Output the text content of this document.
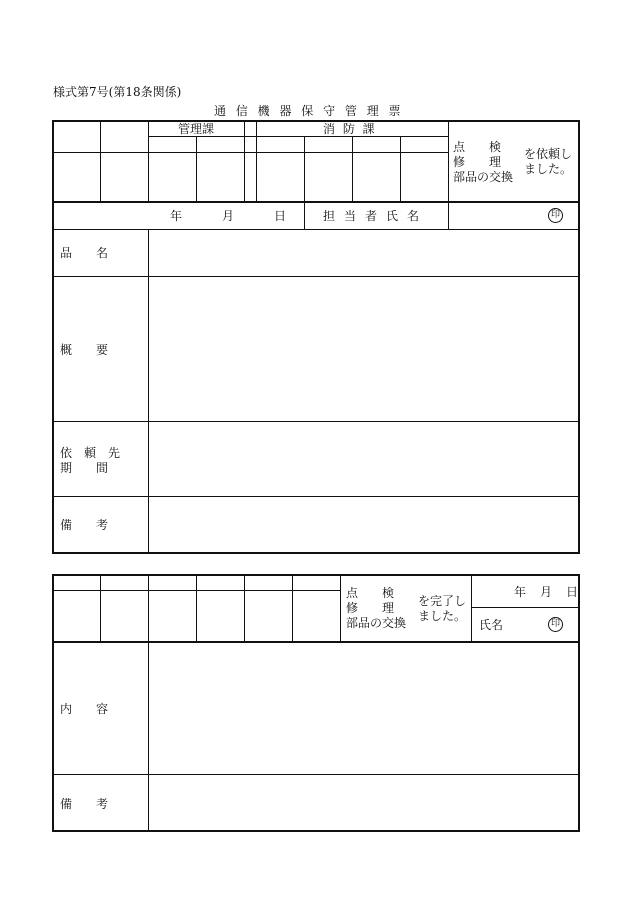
様式第7号(第18条関係)
通 信 機 器 保 守 管 理 票
管理課	消 防 課
点　　検
修　　理
部品の交換
を依頼し
ました。
年　月　日 担当者氏名	印
品　　名
概　　要
依　頼　先
期　　間
備　　考
点　　検
修　　理
部品の交換
を完了し
ました。
年　月　日
氏名	印
内　　容
備　　考
